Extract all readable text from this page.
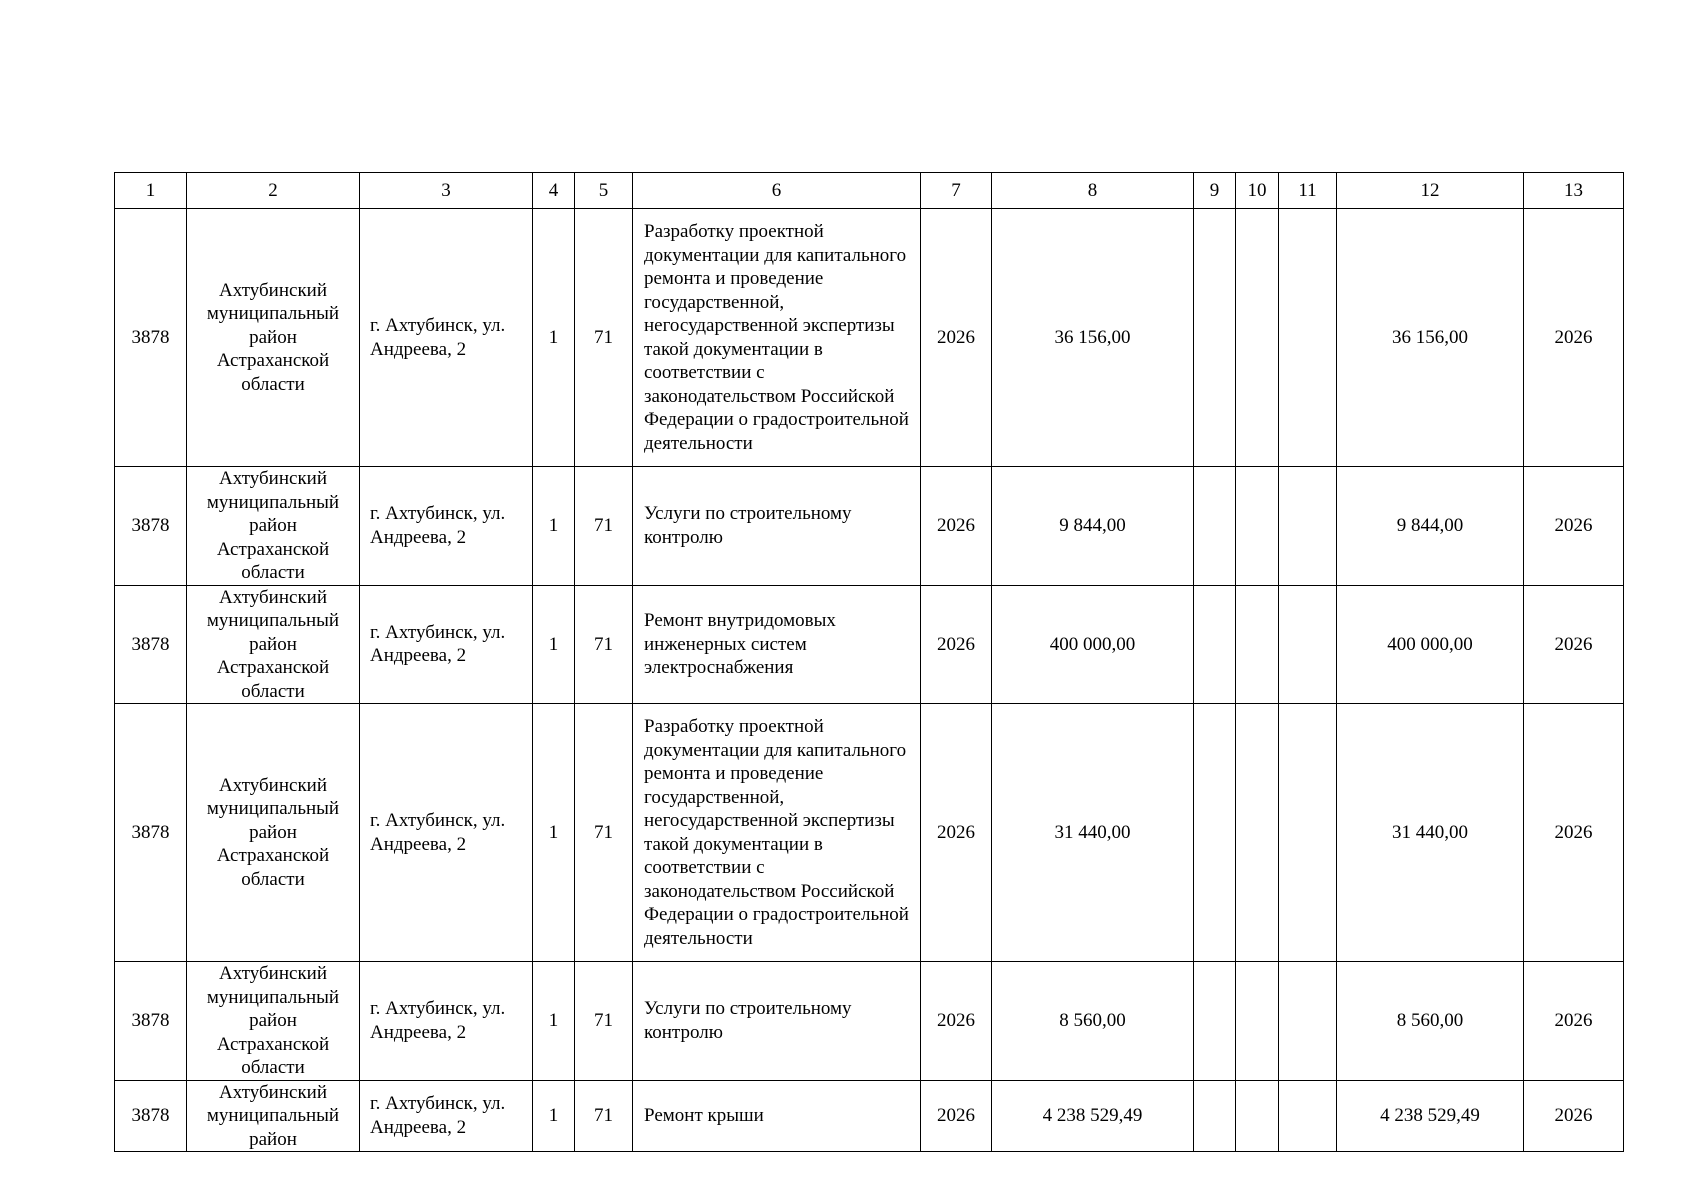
1	2	3	4	5	6	7	8	9	10	11	12	13
3878	Ахтубинский муниципальный район Астраханской области	г. Ахтубинск, ул. Андреева, 2	1	71	Разработку проектной документации для капитального ремонта и проведение государственной, негосударственной экспертизы такой документации в соответствии с законодательством Российской Федерации о градостроительной деятельности	2026	36 156,00				36 156,00	2026
3878	Ахтубинский муниципальный район Астраханской области	г. Ахтубинск, ул. Андреева, 2	1	71	Услуги по строительному контролю	2026	9 844,00				9 844,00	2026
3878	Ахтубинский муниципальный район Астраханской области	г. Ахтубинск, ул. Андреева, 2	1	71	Ремонт внутридомовых инженерных систем электроснабжения	2026	400 000,00				400 000,00	2026
3878	Ахтубинский муниципальный район Астраханской области	г. Ахтубинск, ул. Андреева, 2	1	71	Разработку проектной документации для капитального ремонта и проведение государственной, негосударственной экспертизы такой документации в соответствии с законодательством Российской Федерации о градостроительной деятельности	2026	31 440,00				31 440,00	2026
3878	Ахтубинский муниципальный район Астраханской области	г. Ахтубинск, ул. Андреева, 2	1	71	Услуги по строительному контролю	2026	8 560,00				8 560,00	2026
3878	Ахтубинский муниципальный район	г. Ахтубинск, ул. Андреева, 2	1	71	Ремонт крыши	2026	4 238 529,49				4 238 529,49	2026
